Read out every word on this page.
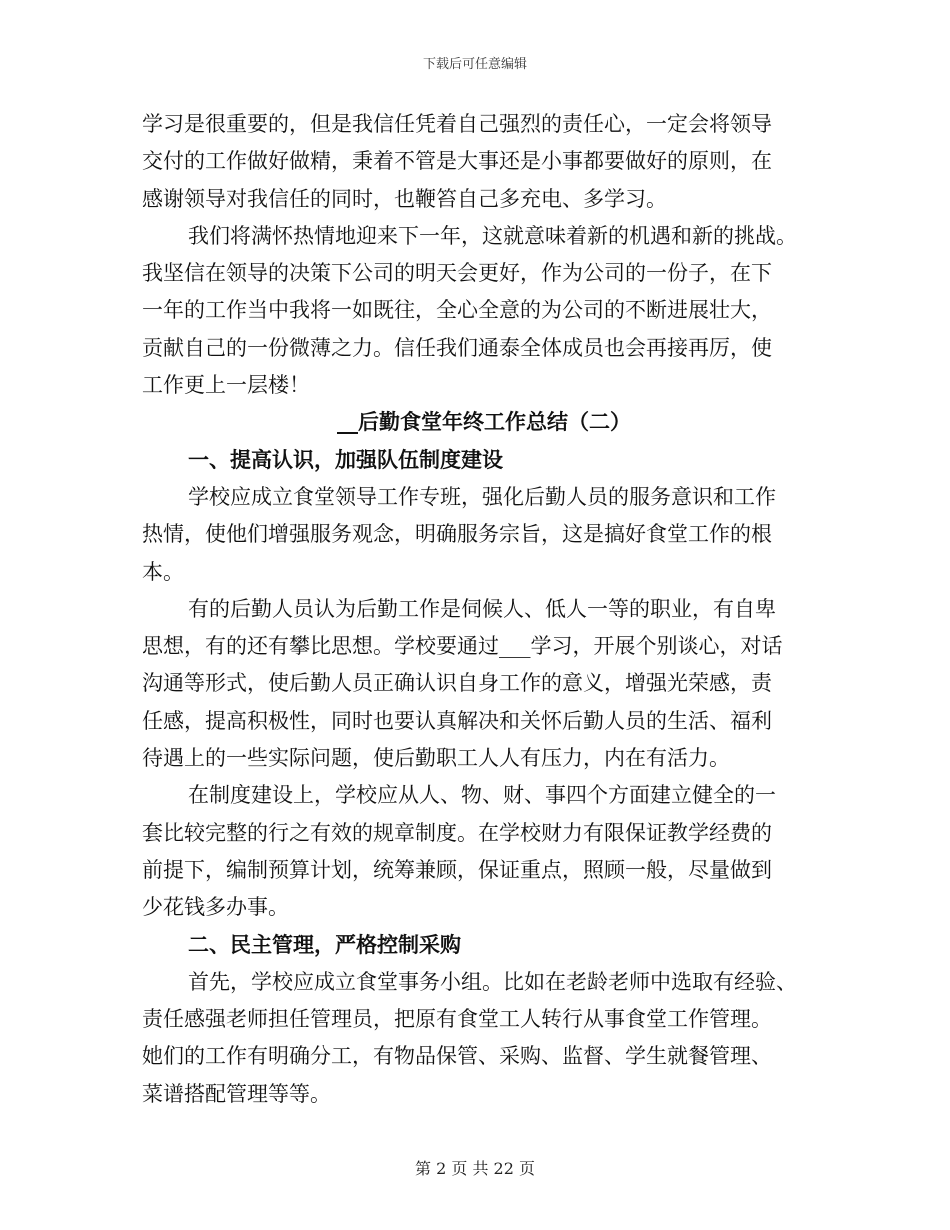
下载后可任意编辑
学习是很重要的，但是我信任凭着自己强烈的责任心，一定会将领导
交付的工作做好做精，秉着不管是大事还是小事都要做好的原则，在
感谢领导对我信任的同时，也鞭笞自己多充电、多学习。
我们将满怀热情地迎来下一年，这就意味着新的机遇和新的挑战。
我坚信在领导的决策下公司的明天会更好，作为公司的一份子，在下
一年的工作当中我将一如既往，全心全意的为公司的不断进展壮大，
贡献自己的一份微薄之力。信任我们通泰全体成员也会再接再厉，使
工作更上一层楼！
__后勤食堂年终工作总结（二）
一、提高认识，加强队伍制度建设
学校应成立食堂领导工作专班，强化后勤人员的服务意识和工作
热情，使他们增强服务观念，明确服务宗旨，这是搞好食堂工作的根
本。
有的后勤人员认为后勤工作是伺候人、低人一等的职业，有自卑
思想，有的还有攀比思想。学校要通过___学习，开展个别谈心，对话
沟通等形式，使后勤人员正确认识自身工作的意义，增强光荣感，责
任感，提高积极性，同时也要认真解决和关怀后勤人员的生活、福利
待遇上的一些实际问题，使后勤职工人人有压力，内在有活力。
在制度建设上，学校应从人、物、财、事四个方面建立健全的一
套比较完整的行之有效的规章制度。在学校财力有限保证教学经费的
前提下，编制预算计划，统筹兼顾，保证重点，照顾一般，尽量做到
少花钱多办事。
二、民主管理，严格控制采购
首先，学校应成立食堂事务小组。比如在老龄老师中选取有经验、
责任感强老师担任管理员，把原有食堂工人转行从事食堂工作管理。
她们的工作有明确分工，有物品保管、采购、监督、学生就餐管理、
菜谱搭配管理等等。
第 2 页 共 22 页
